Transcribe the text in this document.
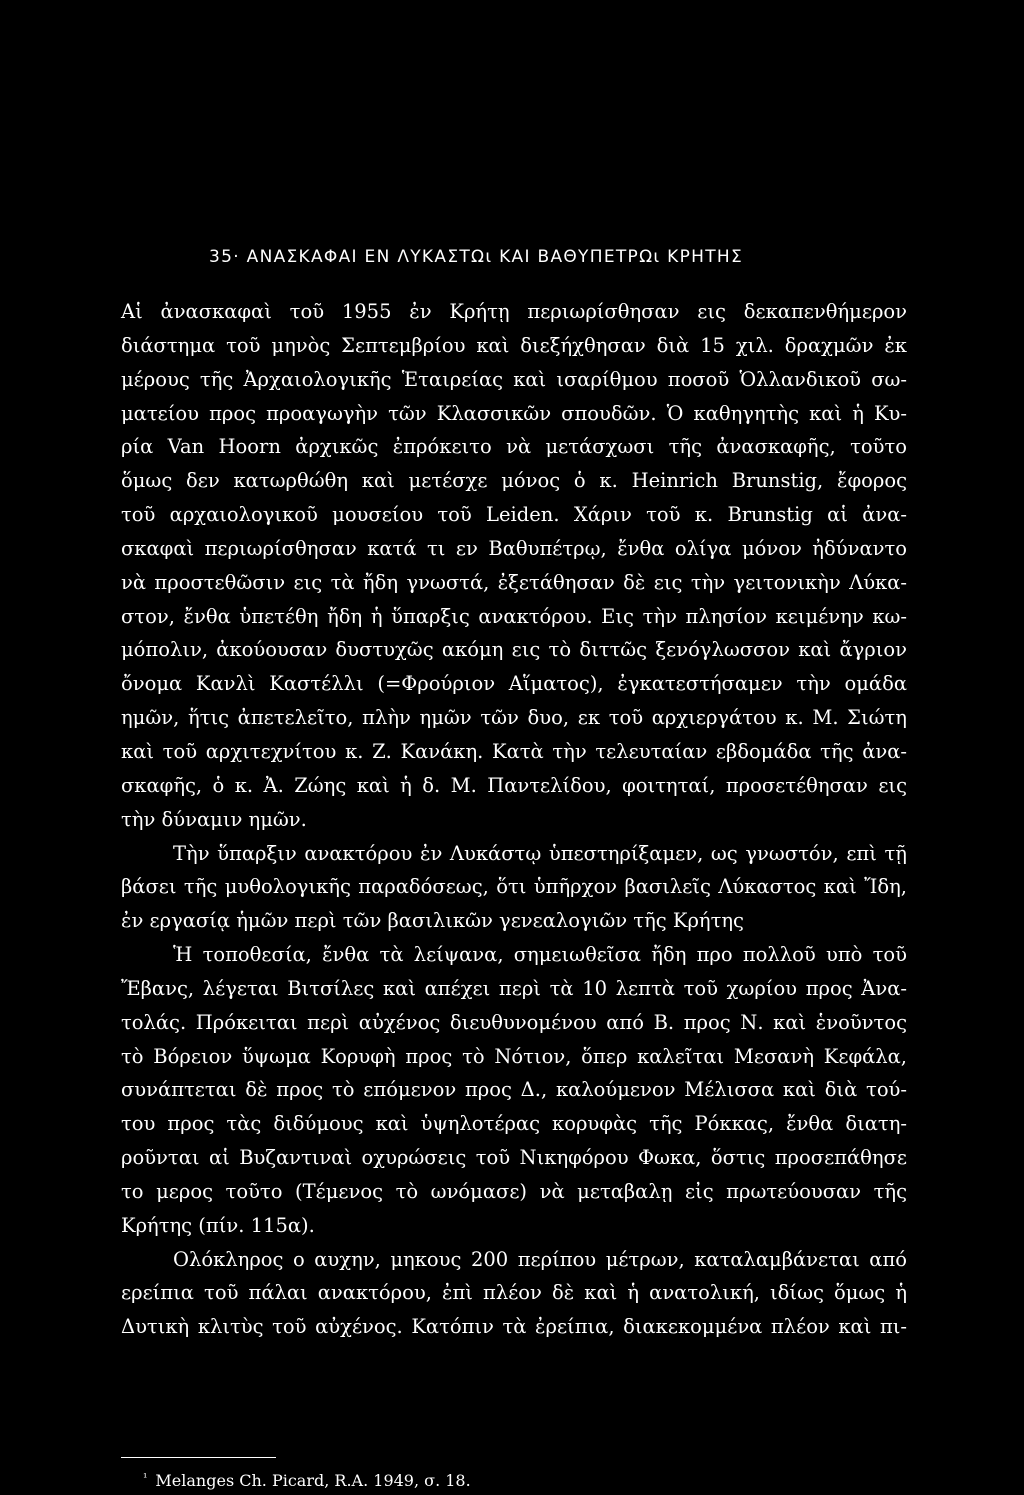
35· ΑΝΑΣΚΑΦΑΙ ΕΝ ΛΥΚΑΣΤΩι ΚΑΙ ΒΑΘΥΠΕΤΡΩι ΚΡΗΤΗΣ
Αἱ ἀνασκαφαὶ τοῦ 1955 ἐν Κρήτῃ περιωρίσθησαν εις δεκαπενθήμερον
διάστημα τοῦ μηνὸς Σεπτεμβρίου καὶ διεξήχθησαν διὰ 15 χιλ. δραχμῶν ἐκ
μέρους τῆς Ἀρχαιολογικῆς Ἑταιρείας καὶ ισαρίθμου ποσοῦ Ὁλλανδικοῦ σω-
ματείου προς προαγωγὴν τῶν Κλασσικῶν σπουδῶν. Ὁ καθηγητὴς καὶ ἡ Κυ-
ρία Van Hoorn ἀρχικῶς ἐπρόκειτο νὰ μετάσχωσι τῆς ἀνασκαφῆς, τοῦτο
ὅμως δεν κατωρθώθη καὶ μετέσχε μόνος ὁ κ. Heinrich Brunstig, ἔφορος
τοῦ αρχαιολογικοῦ μουσείου τοῦ Leiden. Χάριν τοῦ κ. Brunstig αἱ ἀνα-
σκαφαὶ περιωρίσθησαν κατά τι εν Βαθυπέτρῳ, ἔνθα ολίγα μόνον ἠδύναντο
νὰ προστεθῶσιν εις τὰ ἤδη γνωστά, ἐξετάθησαν δὲ εις τὴν γειτονικὴν Λύκα-
στον, ἔνθα ὑπετέθη ἤδη ἡ ὕπαρξις ανακτόρου. Εις τὴν πλησίον κειμένην κω-
μόπολιν, ἀκούουσαν δυστυχῶς ακόμη εις τὸ διττῶς ξενόγλωσσον καὶ ἄγριον
ὄνομα Κανλὶ Καστέλλι (=Φρούριον Αἵματος), ἐγκατεστήσαμεν τὴν ομάδα
ημῶν, ἥτις ἀπετελεῖτο, πλὴν ημῶν τῶν δυο, εκ τοῦ αρχιεργάτου κ. Μ. Σιώτη
καὶ τοῦ αρχιτεχνίτου κ. Ζ. Κανάκη. Κατὰ τὴν τελευταίαν εβδομάδα τῆς ἀνα-
σκαφῆς, ὁ κ. Ἀ. Ζώης καὶ ἡ δ. Μ. Παντελίδου, φοιτηταί, προσετέθησαν εις
τὴν δύναμιν ημῶν.
Τὴν ὕπαρξιν ανακτόρου ἐν Λυκάστῳ ὑπεστηρίξαμεν, ως γνωστόν, επὶ τῇ
βάσει τῆς μυθολογικῆς παραδόσεως, ὅτι ὑπῆρχον βασιλεῖς Λύκαστος καὶ Ἴδη,
ἐν εργασίᾳ ἡμῶν περὶ τῶν βασιλικῶν γενεαλογιῶν τῆς Κρήτης
Ἡ τοποθεσία, ἔνθα τὰ λείψανα, σημειωθεῖσα ἤδη προ πολλοῦ υπὸ τοῦ
Ἔβανς, λέγεται Βιτσίλες καὶ απέχει περὶ τὰ 10 λεπτὰ τοῦ χωρίου προς Ἀνα-
τολάς. Πρόκειται περὶ αὐχένος διευθυνομένου από Β. προς Ν. καὶ ἑνοῦντος
τὸ Βόρειον ὕψωμα Κορυφὴ προς τὸ Νότιον, ὅπερ καλεῖται Μεσανὴ Κεφάλα,
συνάπτεται δὲ προς τὸ επόμενον προς Δ., καλούμενον Μέλισσα καὶ διὰ τού-
του προς τὰς διδύμους καὶ ὑψηλοτέρας κορυφὰς τῆς Ρόκκας, ἔνθα διατη-
ροῦνται αἱ Βυζαντιναὶ οχυρώσεις τοῦ Νικηφόρου Φωκα, ὅστις προσεπάθησε
το μερος τοῦτο (Τέμενος τὸ ωνόμασε) νὰ μεταβαλῃ εἰς πρωτεύουσαν τῆς
Κρήτης (πίν. 115α).
Ολόκληρος ο αυχην, μηκους 200 περίπου μέτρων, καταλαμβάνεται από
ερείπια τοῦ πάλαι ανακτόρου, ἐπὶ πλέον δὲ καὶ ἡ ανατολική, ιδίως ὅμως ἡ
Δυτικὴ κλιτὺς τοῦ αὐχένος. Κατόπιν τὰ ἐρείπια, διακεκομμένα πλέον καὶ πι-
$^{^1}$ Melanges Ch. Picard, R.A. 1949, σ. 18.
